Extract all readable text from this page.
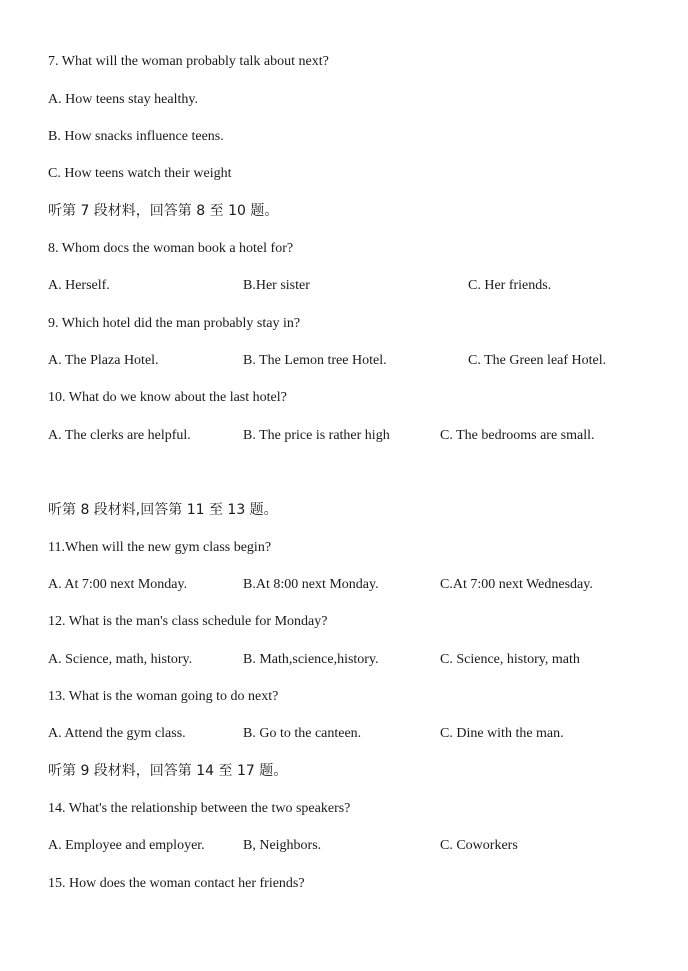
7. What will the woman probably talk about next?
A. How teens stay healthy.
B. How snacks influence teens.
C. How teens watch their weight
听第 7 段材料，回答第 8 至 10 题。
8. Whom docs the woman book a hotel for?
A. Herself.	B.Her sister	C. Her friends.
9. Which hotel did the man probably stay in?
A. The Plaza Hotel.	B. The Lemon tree Hotel.	C. The Green leaf Hotel.
10. What do we know about the last hotel?
A. The clerks are helpful.	B. The price is rather high	C. The bedrooms are small.
听第 8 段材料,回答第 11 至 13 题。
11.When will the new gym class begin?
A. At 7:00 next Monday.	B.At 8:00 next Monday.	C.At 7:00 next Wednesday.
12. What is the man's class schedule for Monday?
A. Science, math, history.	B. Math,science,history.	C. Science, history, math
13. What is the woman going to do next?
A. Attend the gym class.	B. Go to the canteen.	C. Dine with the man.
听第 9 段材料，回答第 14 至 17 题。
14. What's the relationship between the two speakers?
A. Employee and employer.	B, Neighbors.	C. Coworkers
15. How does the woman contact her friends?
